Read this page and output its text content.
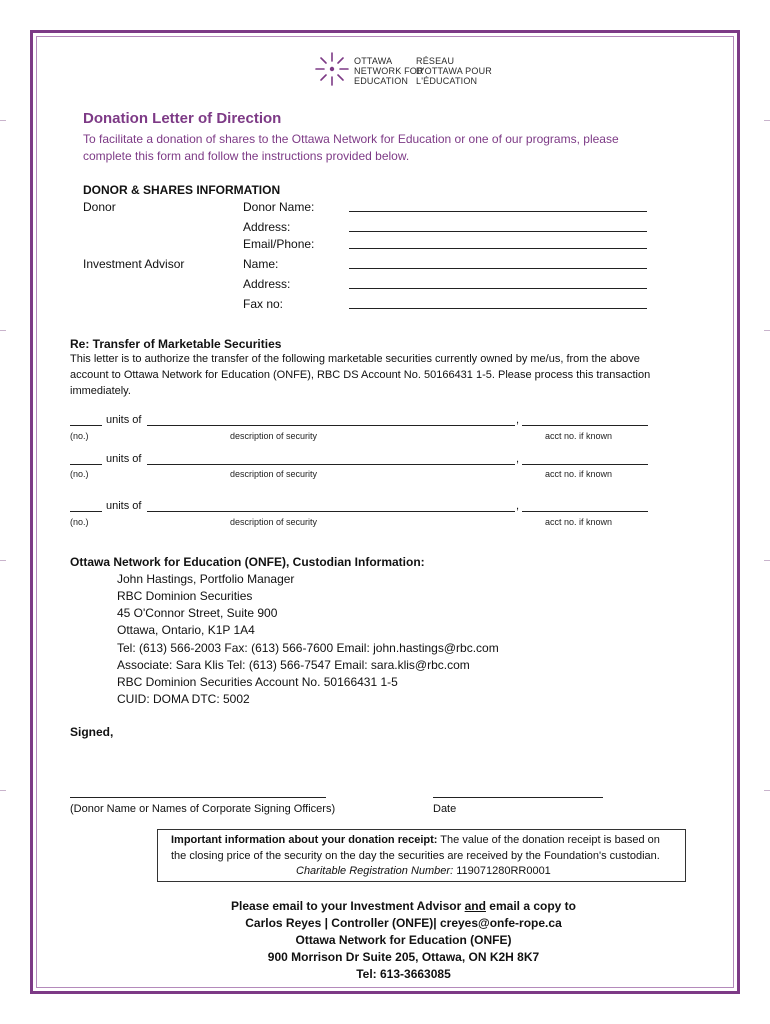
OTTAWA
NETWORK FOR
EDUCATION
RÉSEAU
D'OTTAWA POUR
L'ÉDUCATION
Donation Letter of Direction
To facilitate a donation of shares to the Ottawa Network for Education or one of our programs, please
complete this form and follow the instructions provided below.
DONOR & SHARES INFORMATION
Donor	Donor Name:
Address:
Email/Phone:
Investment Advisor	Name:
Address:
Fax no:
Re: Transfer of Marketable Securities
This letter is to authorize the transfer of the following marketable securities currently owned by me/us, from the above
account to Ottawa Network for Education (ONFE), RBC DS Account No. 50166431 1-5. Please process this transaction
immediately.
units of	,
(no.)	description of security	acct no. if known
units of	,
(no.)	description of security	acct no. if known
units of	,
(no.)	description of security	acct no. if known
Ottawa Network for Education (ONFE), Custodian Information:
John Hastings, Portfolio Manager
RBC Dominion Securities
45 O'Connor Street, Suite 900
Ottawa, Ontario, K1P 1A4
Tel: (613) 566-2003 Fax: (613) 566-7600 Email: john.hastings@rbc.com
Associate: Sara Klis Tel: (613) 566-7547 Email: sara.klis@rbc.com
RBC Dominion Securities Account No. 50166431 1-5
CUID: DOMA DTC: 5002
Signed,
(Donor Name or Names of Corporate Signing Officers)	Date
Important information about your donation receipt: The value of the donation receipt is based on
the closing price of the security on the day the securities are received by the Foundation's custodian.
Charitable Registration Number: 119071280RR0001
Please email to your Investment Advisor and email a copy to
Carlos Reyes | Controller (ONFE)| creyes@onfe-rope.ca
Ottawa Network for Education (ONFE)
900 Morrison Dr Suite 205, Ottawa, ON K2H 8K7
Tel: 613-3663085
